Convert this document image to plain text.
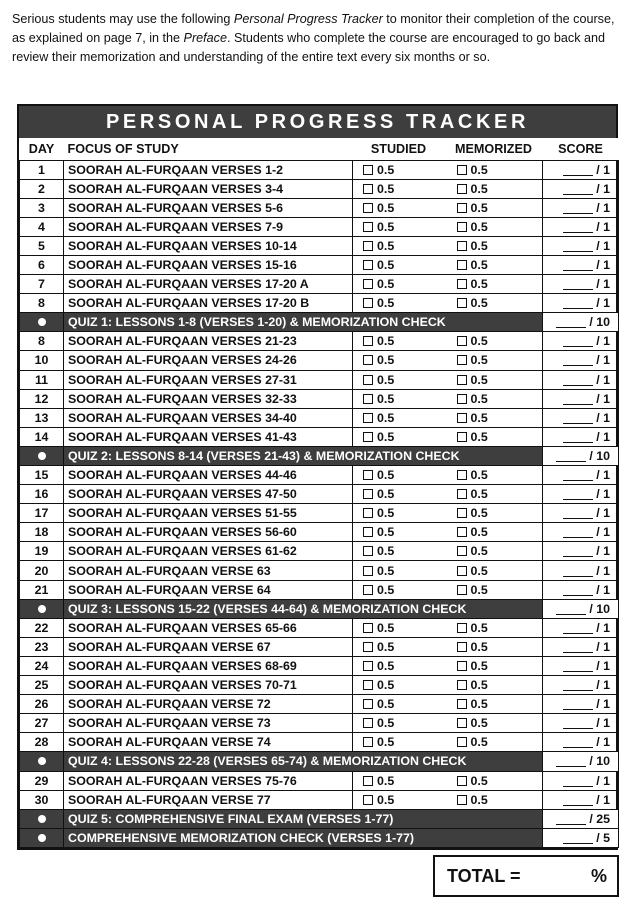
Serious students may use the following Personal Progress Tracker to monitor their completion of the course, as explained on page 7, in the Preface. Students who complete the course are encouraged to go back and review their memorization and understanding of the entire text every six months or so.
PERSONAL PROGRESS TRACKER
DAY	FOCUS OF STUDY	STUDIED	MEMORIZED	SCORE
1	SOORAH AL-FURQAAN VERSES 1-2	0.5	0.5	/ 1
2	SOORAH AL-FURQAAN VERSES 3-4	0.5	0.5	/ 1
3	SOORAH AL-FURQAAN VERSES 5-6	0.5	0.5	/ 1
4	SOORAH AL-FURQAAN VERSES 7-9	0.5	0.5	/ 1
5	SOORAH AL-FURQAAN VERSES 10-14	0.5	0.5	/ 1
6	SOORAH AL-FURQAAN VERSES 15-16	0.5	0.5	/ 1
7	SOORAH AL-FURQAAN VERSES 17-20 A	0.5	0.5	/ 1
8	SOORAH AL-FURQAAN VERSES 17-20 B	0.5	0.5	/ 1
	QUIZ 1: LESSONS 1-8 (VERSES 1-20) & MEMORIZATION CHECK			/ 10
8	SOORAH AL-FURQAAN VERSES 21-23	0.5	0.5	/ 1
10	SOORAH AL-FURQAAN VERSES 24-26	0.5	0.5	/ 1
11	SOORAH AL-FURQAAN VERSES 27-31	0.5	0.5	/ 1
12	SOORAH AL-FURQAAN VERSES 32-33	0.5	0.5	/ 1
13	SOORAH AL-FURQAAN VERSES 34-40	0.5	0.5	/ 1
14	SOORAH AL-FURQAAN VERSES 41-43	0.5	0.5	/ 1
	QUIZ 2: LESSONS 8-14 (VERSES 21-43) & MEMORIZATION CHECK			/ 10
15	SOORAH AL-FURQAAN VERSES 44-46	0.5	0.5	/ 1
16	SOORAH AL-FURQAAN VERSES 47-50	0.5	0.5	/ 1
17	SOORAH AL-FURQAAN VERSES 51-55	0.5	0.5	/ 1
18	SOORAH AL-FURQAAN VERSES 56-60	0.5	0.5	/ 1
19	SOORAH AL-FURQAAN VERSES 61-62	0.5	0.5	/ 1
20	SOORAH AL-FURQAAN VERSE 63	0.5	0.5	/ 1
21	SOORAH AL-FURQAAN VERSE 64	0.5	0.5	/ 1
	QUIZ 3: LESSONS 15-22 (VERSES 44-64) & MEMORIZATION CHECK			/ 10
22	SOORAH AL-FURQAAN VERSES 65-66	0.5	0.5	/ 1
23	SOORAH AL-FURQAAN VERSE 67	0.5	0.5	/ 1
24	SOORAH AL-FURQAAN VERSES 68-69	0.5	0.5	/ 1
25	SOORAH AL-FURQAAN VERSES 70-71	0.5	0.5	/ 1
26	SOORAH AL-FURQAAN VERSE 72	0.5	0.5	/ 1
27	SOORAH AL-FURQAAN VERSE 73	0.5	0.5	/ 1
28	SOORAH AL-FURQAAN VERSE 74	0.5	0.5	/ 1
	QUIZ 4: LESSONS 22-28 (VERSES 65-74) & MEMORIZATION CHECK			/ 10
29	SOORAH AL-FURQAAN VERSES 75-76	0.5	0.5	/ 1
30	SOORAH AL-FURQAAN VERSE 77	0.5	0.5	/ 1
	QUIZ 5: COMPREHENSIVE FINAL EXAM (VERSES 1-77)			/ 25
	COMPREHENSIVE MEMORIZATION CHECK (VERSES 1-77)			/ 5
TOTAL =	%
